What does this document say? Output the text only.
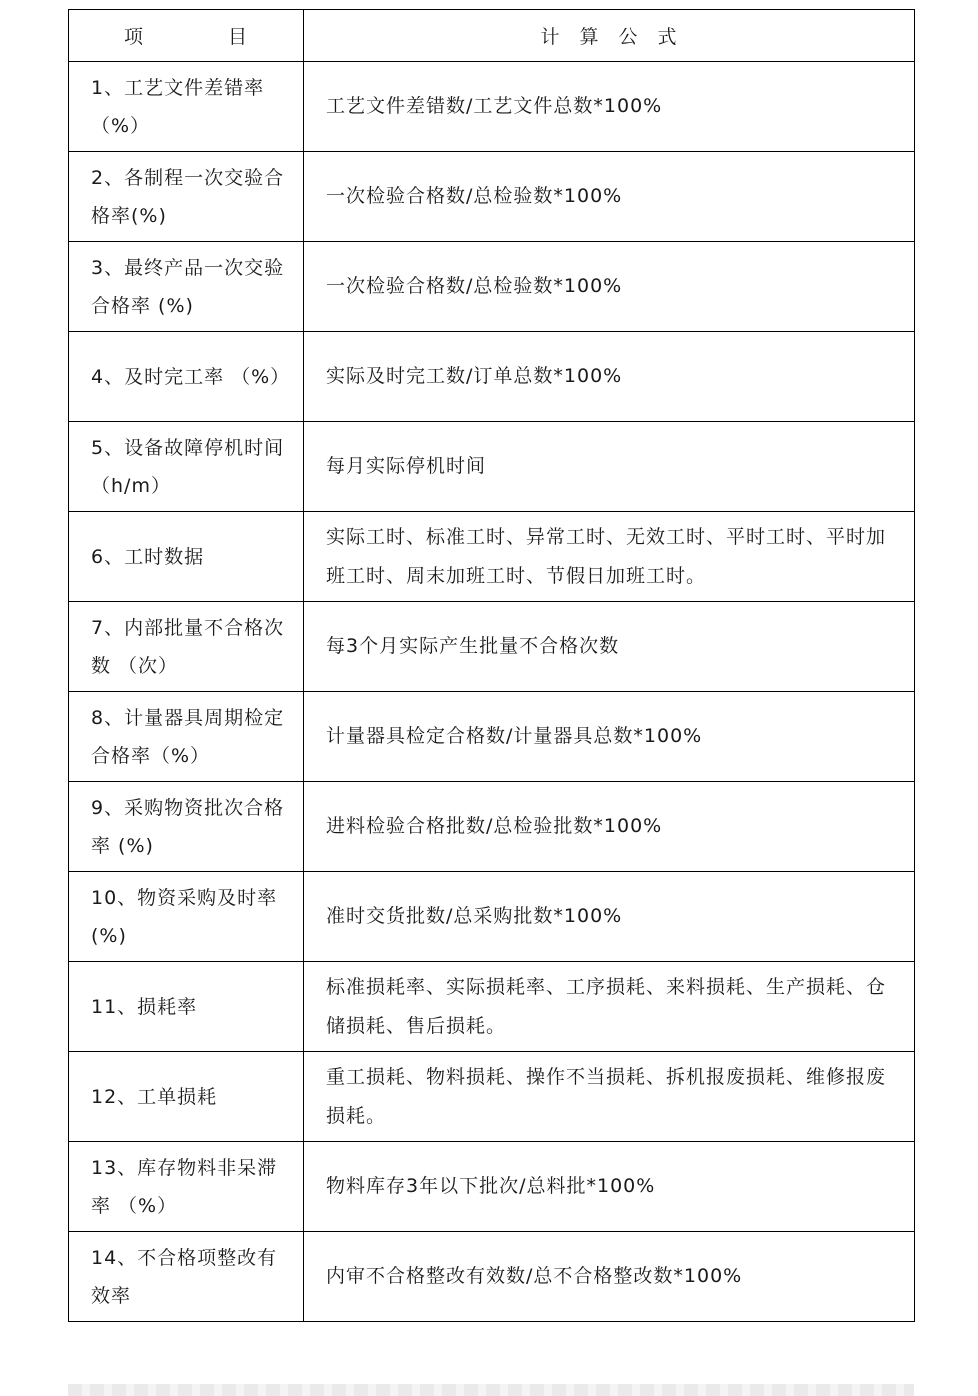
项 目	计 算 公 式
1、工艺文件差错率 （%）	工艺文件差错数/工艺文件总数*100%
2、各制程一次交验合格率(%)	一次检验合格数/总检验数*100%
3、最终产品一次交验合格率 (%)	一次检验合格数/总检验数*100%
4、及时完工率 （%）	实际及时完工数/订单总数*100%
5、设备故障停机时间 （h/m）	每月实际停机时间
6、工时数据	实际工时、标准工时、异常工时、无效工时、平时工时、平时加班工时、周末加班工时、节假日加班工时。
7、内部批量不合格次数 （次）	每3个月实际产生批量不合格次数
8、计量器具周期检定合格率（%）	计量器具检定合格数/计量器具总数*100%
9、采购物资批次合格率 (%)	进料检验合格批数/总检验批数*100%
10、物资采购及时率 (%)	准时交货批数/总采购批数*100%
11、损耗率	标准损耗率、实际损耗率、工序损耗、来料损耗、生产损耗、仓储损耗、售后损耗。
12、工单损耗	重工损耗、物料损耗、操作不当损耗、拆机报废损耗、维修报废损耗。
13、库存物料非呆滞率 （%）	物料库存3年以下批次/总料批*100%
14、不合格项整改有效率	内审不合格整改有效数/总不合格整改数*100%
